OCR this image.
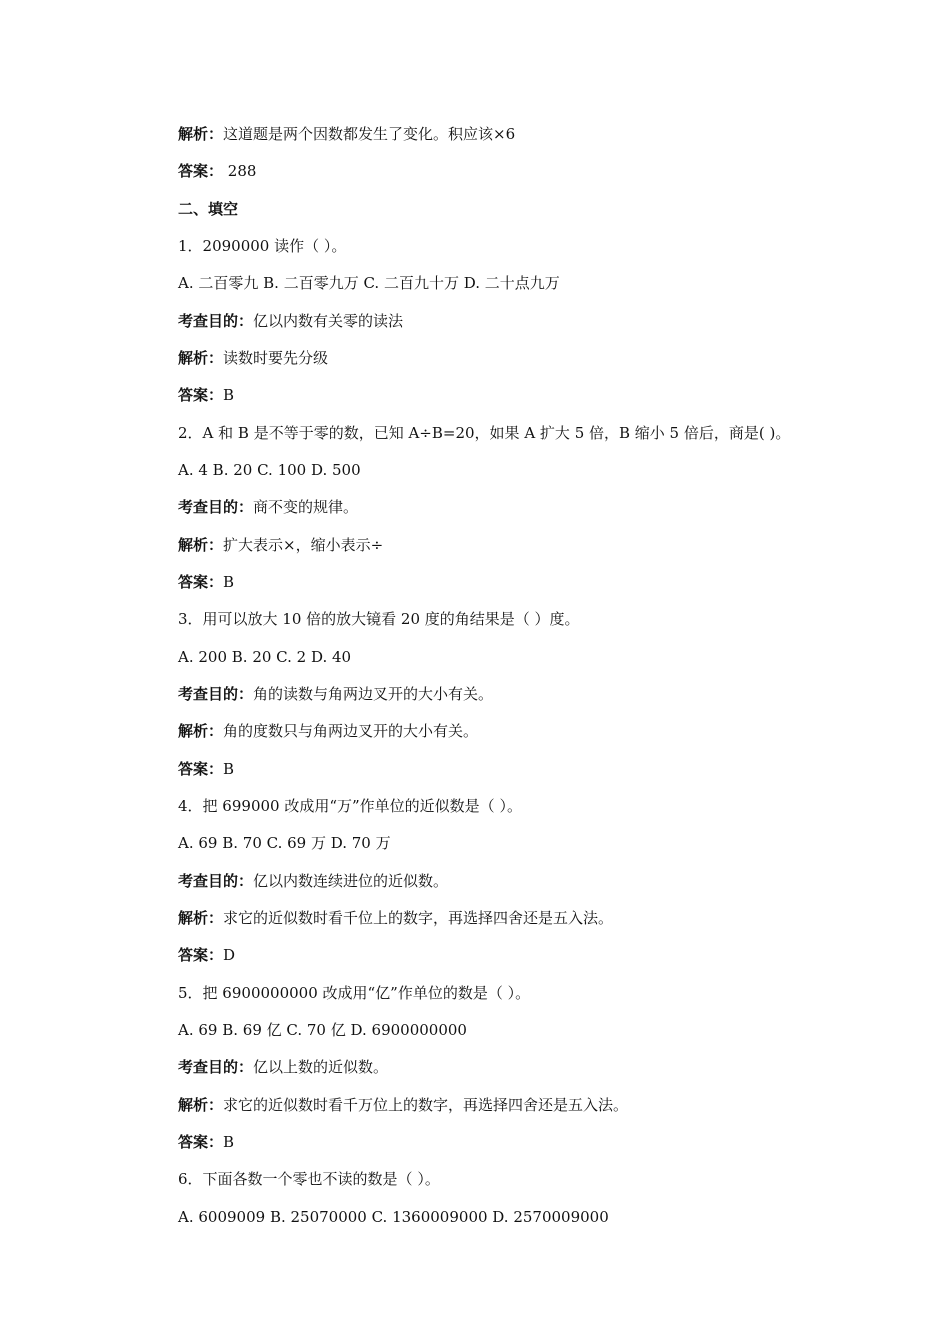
解析：这道题是两个因数都发生了变化。积应该×6
答案： 288
二、填空
1．2090000 读作（ ）。
A. 二百零九 B. 二百零九万 C. 二百九十万 D. 二十点九万
考查目的：亿以内数有关零的读法
解析：读数时要先分级
答案：B
2．A 和 B 是不等于零的数，已知 A÷B=20，如果 A 扩大 5 倍，B 缩小 5 倍后，商是( )。
A. 4 B. 20 C. 100 D. 500
考查目的：商不变的规律。
解析：扩大表示×，缩小表示÷
答案：B
3．用可以放大 10 倍的放大镜看 20 度的角结果是（ ）度。
A. 200 B. 20 C. 2 D. 40
考查目的：角的读数与角两边叉开的大小有关。
解析：角的度数只与角两边叉开的大小有关。
答案：B
4．把 699000 改成用“万”作单位的近似数是（ ）。
A. 69 B. 70 C. 69 万 D. 70 万
考查目的：亿以内数连续进位的近似数。
解析：求它的近似数时看千位上的数字，再选择四舍还是五入法。
答案：D
5．把 6900000000 改成用“亿”作单位的数是（ ）。
A. 69 B. 69 亿 C. 70 亿 D. 6900000000
考查目的：亿以上数的近似数。
解析：求它的近似数时看千万位上的数字，再选择四舍还是五入法。
答案：B
6．下面各数一个零也不读的数是（ ）。
A. 6009009 B. 25070000 C. 1360009000 D. 2570009000
